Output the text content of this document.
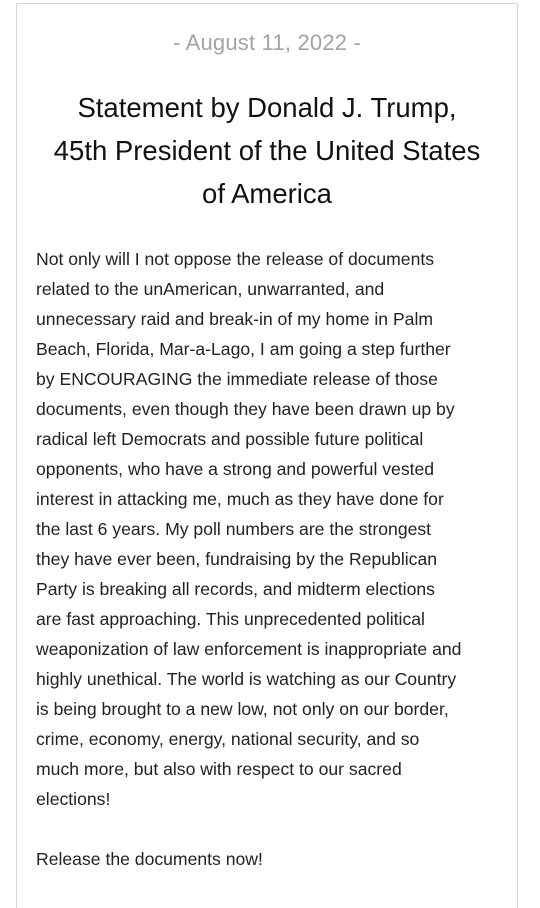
- August 11, 2022 -
Statement by Donald J. Trump,
45th President of the United States
of America
Not only will I not oppose the release of documents
related to the unAmerican, unwarranted, and
unnecessary raid and break-in of my home in Palm
Beach, Florida, Mar-a-Lago, I am going a step further
by ENCOURAGING the immediate release of those
documents, even though they have been drawn up by
radical left Democrats and possible future political
opponents, who have a strong and powerful vested
interest in attacking me, much as they have done for
the last 6 years. My poll numbers are the strongest
they have ever been, fundraising by the Republican
Party is breaking all records, and midterm elections
are fast approaching. This unprecedented political
weaponization of law enforcement is inappropriate and
highly unethical. The world is watching as our Country
is being brought to a new low, not only on our border,
crime, economy, energy, national security, and so
much more, but also with respect to our sacred
elections!
Release the documents now!
